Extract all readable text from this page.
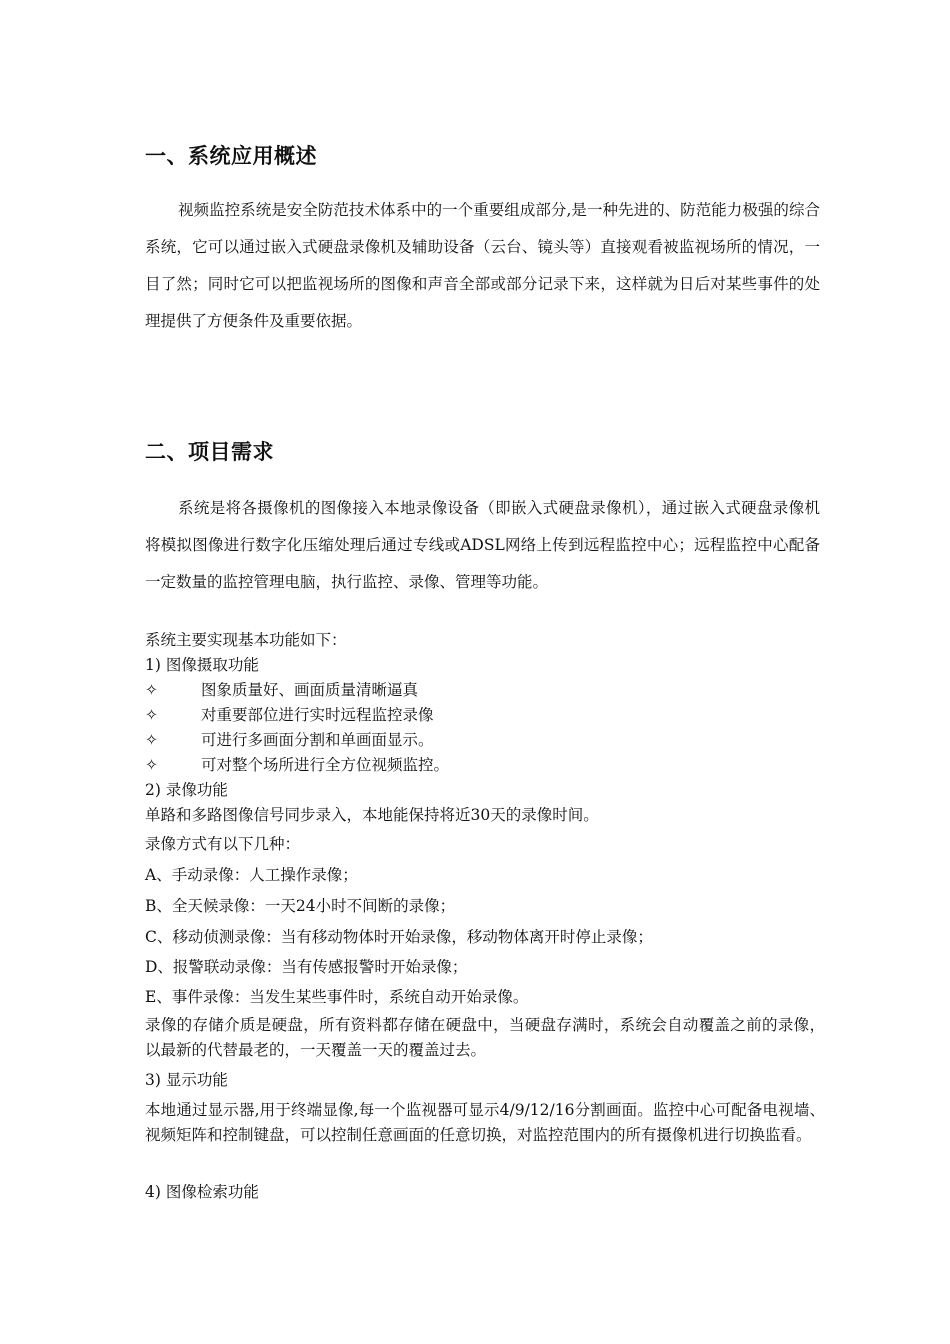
一、系统应用概述
视频监控系统是安全防范技术体系中的一个重要组成部分,是一种先进的、防范能力极强的综合系统，它可以通过嵌入式硬盘录像机及辅助设备（云台、镜头等）直接观看被监视场所的情况，一目了然；同时它可以把监视场所的图像和声音全部或部分记录下来，这样就为日后对某些事件的处理提供了方便条件及重要依据。
二、项目需求
系统是将各摄像机的图像接入本地录像设备（即嵌入式硬盘录像机），通过嵌入式硬盘录像机将模拟图像进行数字化压缩处理后通过专线或ADSL网络上传到远程监控中心；远程监控中心配备一定数量的监控管理电脑，执行监控、录像、管理等功能。
系统主要实现基本功能如下：
1) 图像摄取功能
✧	图象质量好、画面质量清晰逼真
✧	对重要部位进行实时远程监控录像
✧	可进行多画面分割和单画面显示。
✧	可对整个场所进行全方位视频监控。
2) 录像功能
单路和多路图像信号同步录入，本地能保持将近30天的录像时间。
录像方式有以下几种：
A、手动录像：人工操作录像；
B、全天候录像：一天24小时不间断的录像；
C、移动侦测录像：当有移动物体时开始录像，移动物体离开时停止录像；
D、报警联动录像：当有传感报警时开始录像；
E、事件录像：当发生某些事件时，系统自动开始录像。
录像的存储介质是硬盘，所有资料都存储在硬盘中，当硬盘存满时，系统会自动覆盖之前的录像，以最新的代替最老的，一天覆盖一天的覆盖过去。
3) 显示功能
本地通过显示器,用于终端显像,每一个监视器可显示4/9/12/16分割画面。监控中心可配备电视墙、视频矩阵和控制键盘，可以控制任意画面的任意切换，对监控范围内的所有摄像机进行切换监看。
4) 图像检索功能
